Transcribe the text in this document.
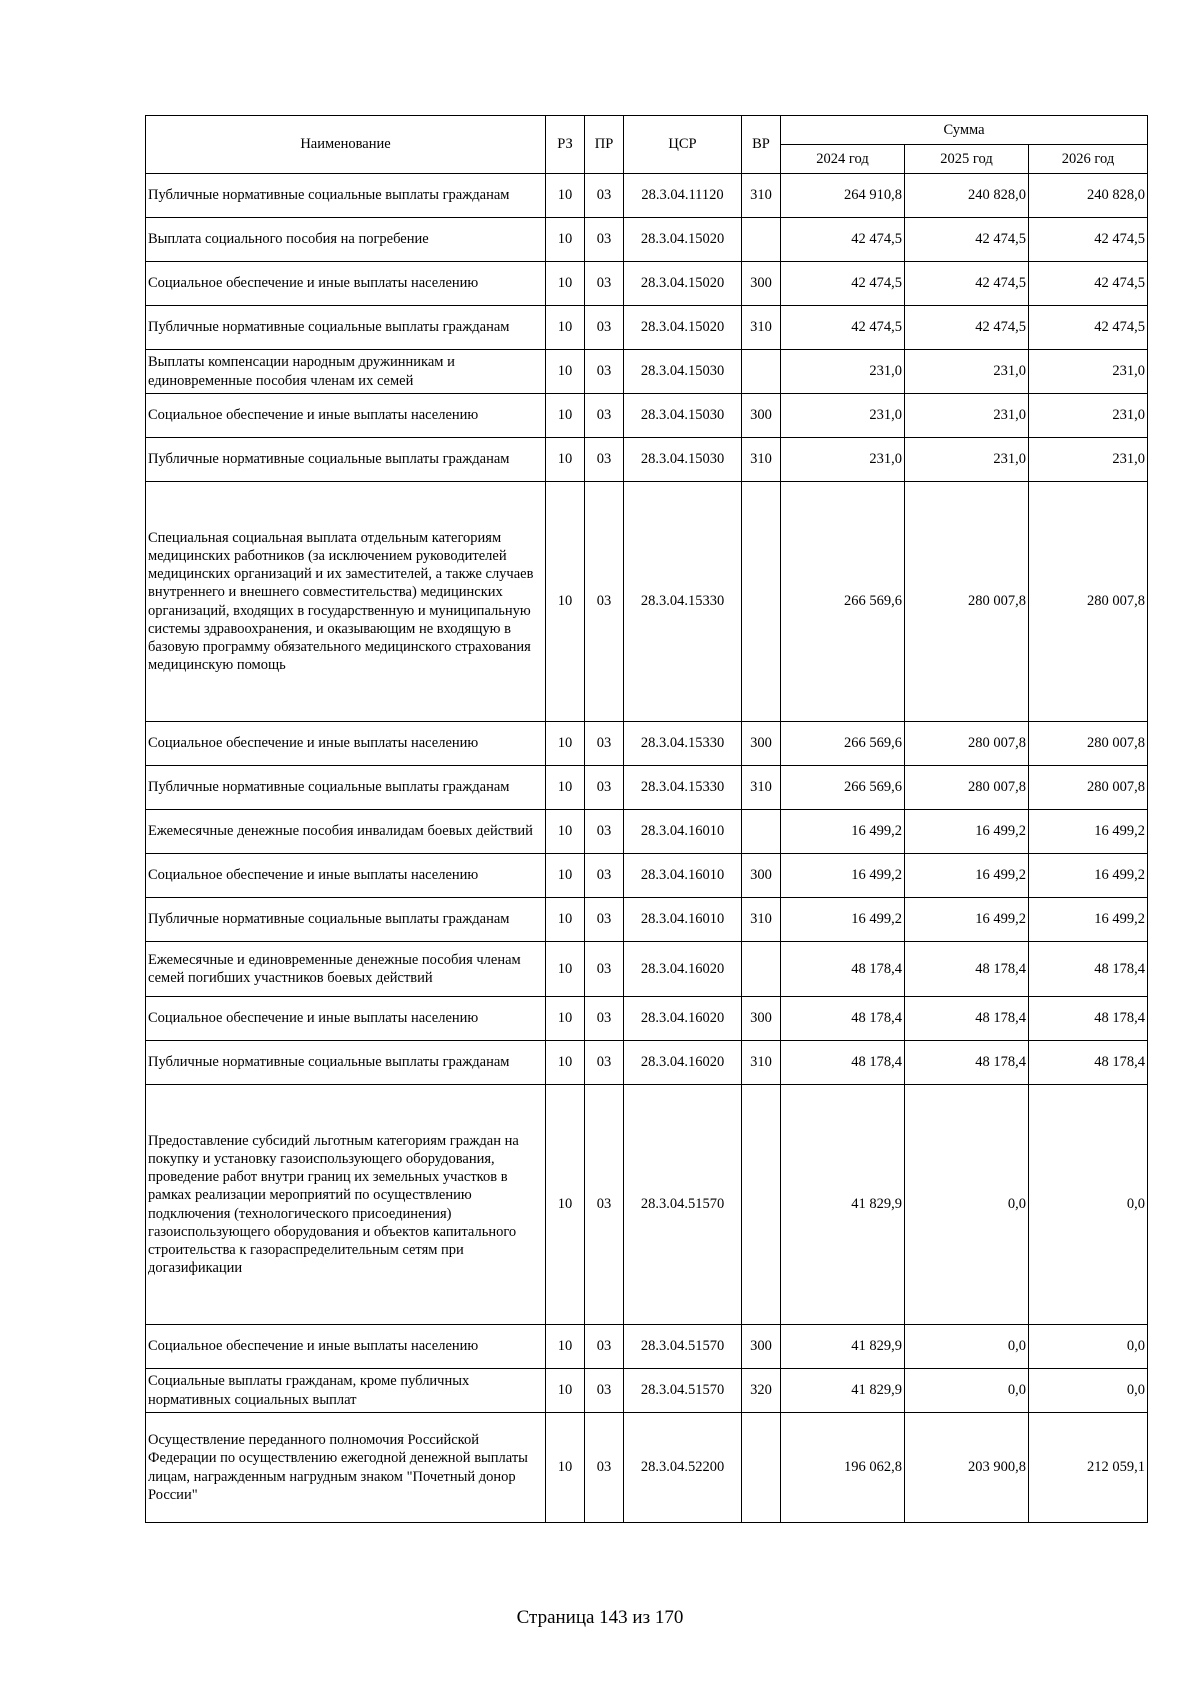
Наименование	РЗ	ПР	ЦСР	ВР	Сумма		
					2024 год	2025 год	2026 год
Публичные нормативные социальные выплаты гражданам	10	03	28.3.04.11120	310	264 910,8	240 828,0	240 828,0
Выплата социального пособия на погребение	10	03	28.3.04.15020		42 474,5	42 474,5	42 474,5
Социальное обеспечение и иные выплаты населению	10	03	28.3.04.15020	300	42 474,5	42 474,5	42 474,5
Публичные нормативные социальные выплаты гражданам	10	03	28.3.04.15020	310	42 474,5	42 474,5	42 474,5
Выплаты компенсации народным дружинникам и единовременные пособия членам их семей	10	03	28.3.04.15030		231,0	231,0	231,0
Социальное обеспечение и иные выплаты населению	10	03	28.3.04.15030	300	231,0	231,0	231,0
Публичные нормативные социальные выплаты гражданам	10	03	28.3.04.15030	310	231,0	231,0	231,0
Специальная социальная выплата отдельным категориям медицинских работников (за исключением руководителей медицинских организаций и их заместителей, а также случаев внутреннего и внешнего совместительства) медицинских организаций, входящих в государственную и муниципальную системы здравоохранения, и оказывающим не входящую в базовую программу обязательного медицинского страхования медицинскую помощь	10	03	28.3.04.15330		266 569,6	280 007,8	280 007,8
Социальное обеспечение и иные выплаты населению	10	03	28.3.04.15330	300	266 569,6	280 007,8	280 007,8
Публичные нормативные социальные выплаты гражданам	10	03	28.3.04.15330	310	266 569,6	280 007,8	280 007,8
Ежемесячные денежные пособия инвалидам боевых действий	10	03	28.3.04.16010		16 499,2	16 499,2	16 499,2
Социальное обеспечение и иные выплаты населению	10	03	28.3.04.16010	300	16 499,2	16 499,2	16 499,2
Публичные нормативные социальные выплаты гражданам	10	03	28.3.04.16010	310	16 499,2	16 499,2	16 499,2
Ежемесячные и единовременные денежные пособия членам семей погибших участников боевых действий	10	03	28.3.04.16020		48 178,4	48 178,4	48 178,4
Социальное обеспечение и иные выплаты населению	10	03	28.3.04.16020	300	48 178,4	48 178,4	48 178,4
Публичные нормативные социальные выплаты гражданам	10	03	28.3.04.16020	310	48 178,4	48 178,4	48 178,4
Предоставление субсидий льготным категориям граждан на покупку и установку газоиспользующего оборудования, проведение работ внутри границ их земельных участков в рамках реализации мероприятий по осуществлению подключения (технологического присоединения) газоиспользующего оборудования и объектов капитального строительства к газораспределительным сетям при догазификации	10	03	28.3.04.51570		41 829,9	0,0	0,0
Социальное обеспечение и иные выплаты населению	10	03	28.3.04.51570	300	41 829,9	0,0	0,0
Социальные выплаты гражданам, кроме публичных нормативных социальных выплат	10	03	28.3.04.51570	320	41 829,9	0,0	0,0
Осуществление переданного полномочия Российской Федерации по осуществлению ежегодной денежной выплаты лицам, награжденным нагрудным знаком "Почетный донор России"	10	03	28.3.04.52200		196 062,8	203 900,8	212 059,1
Страница 143 из 170
